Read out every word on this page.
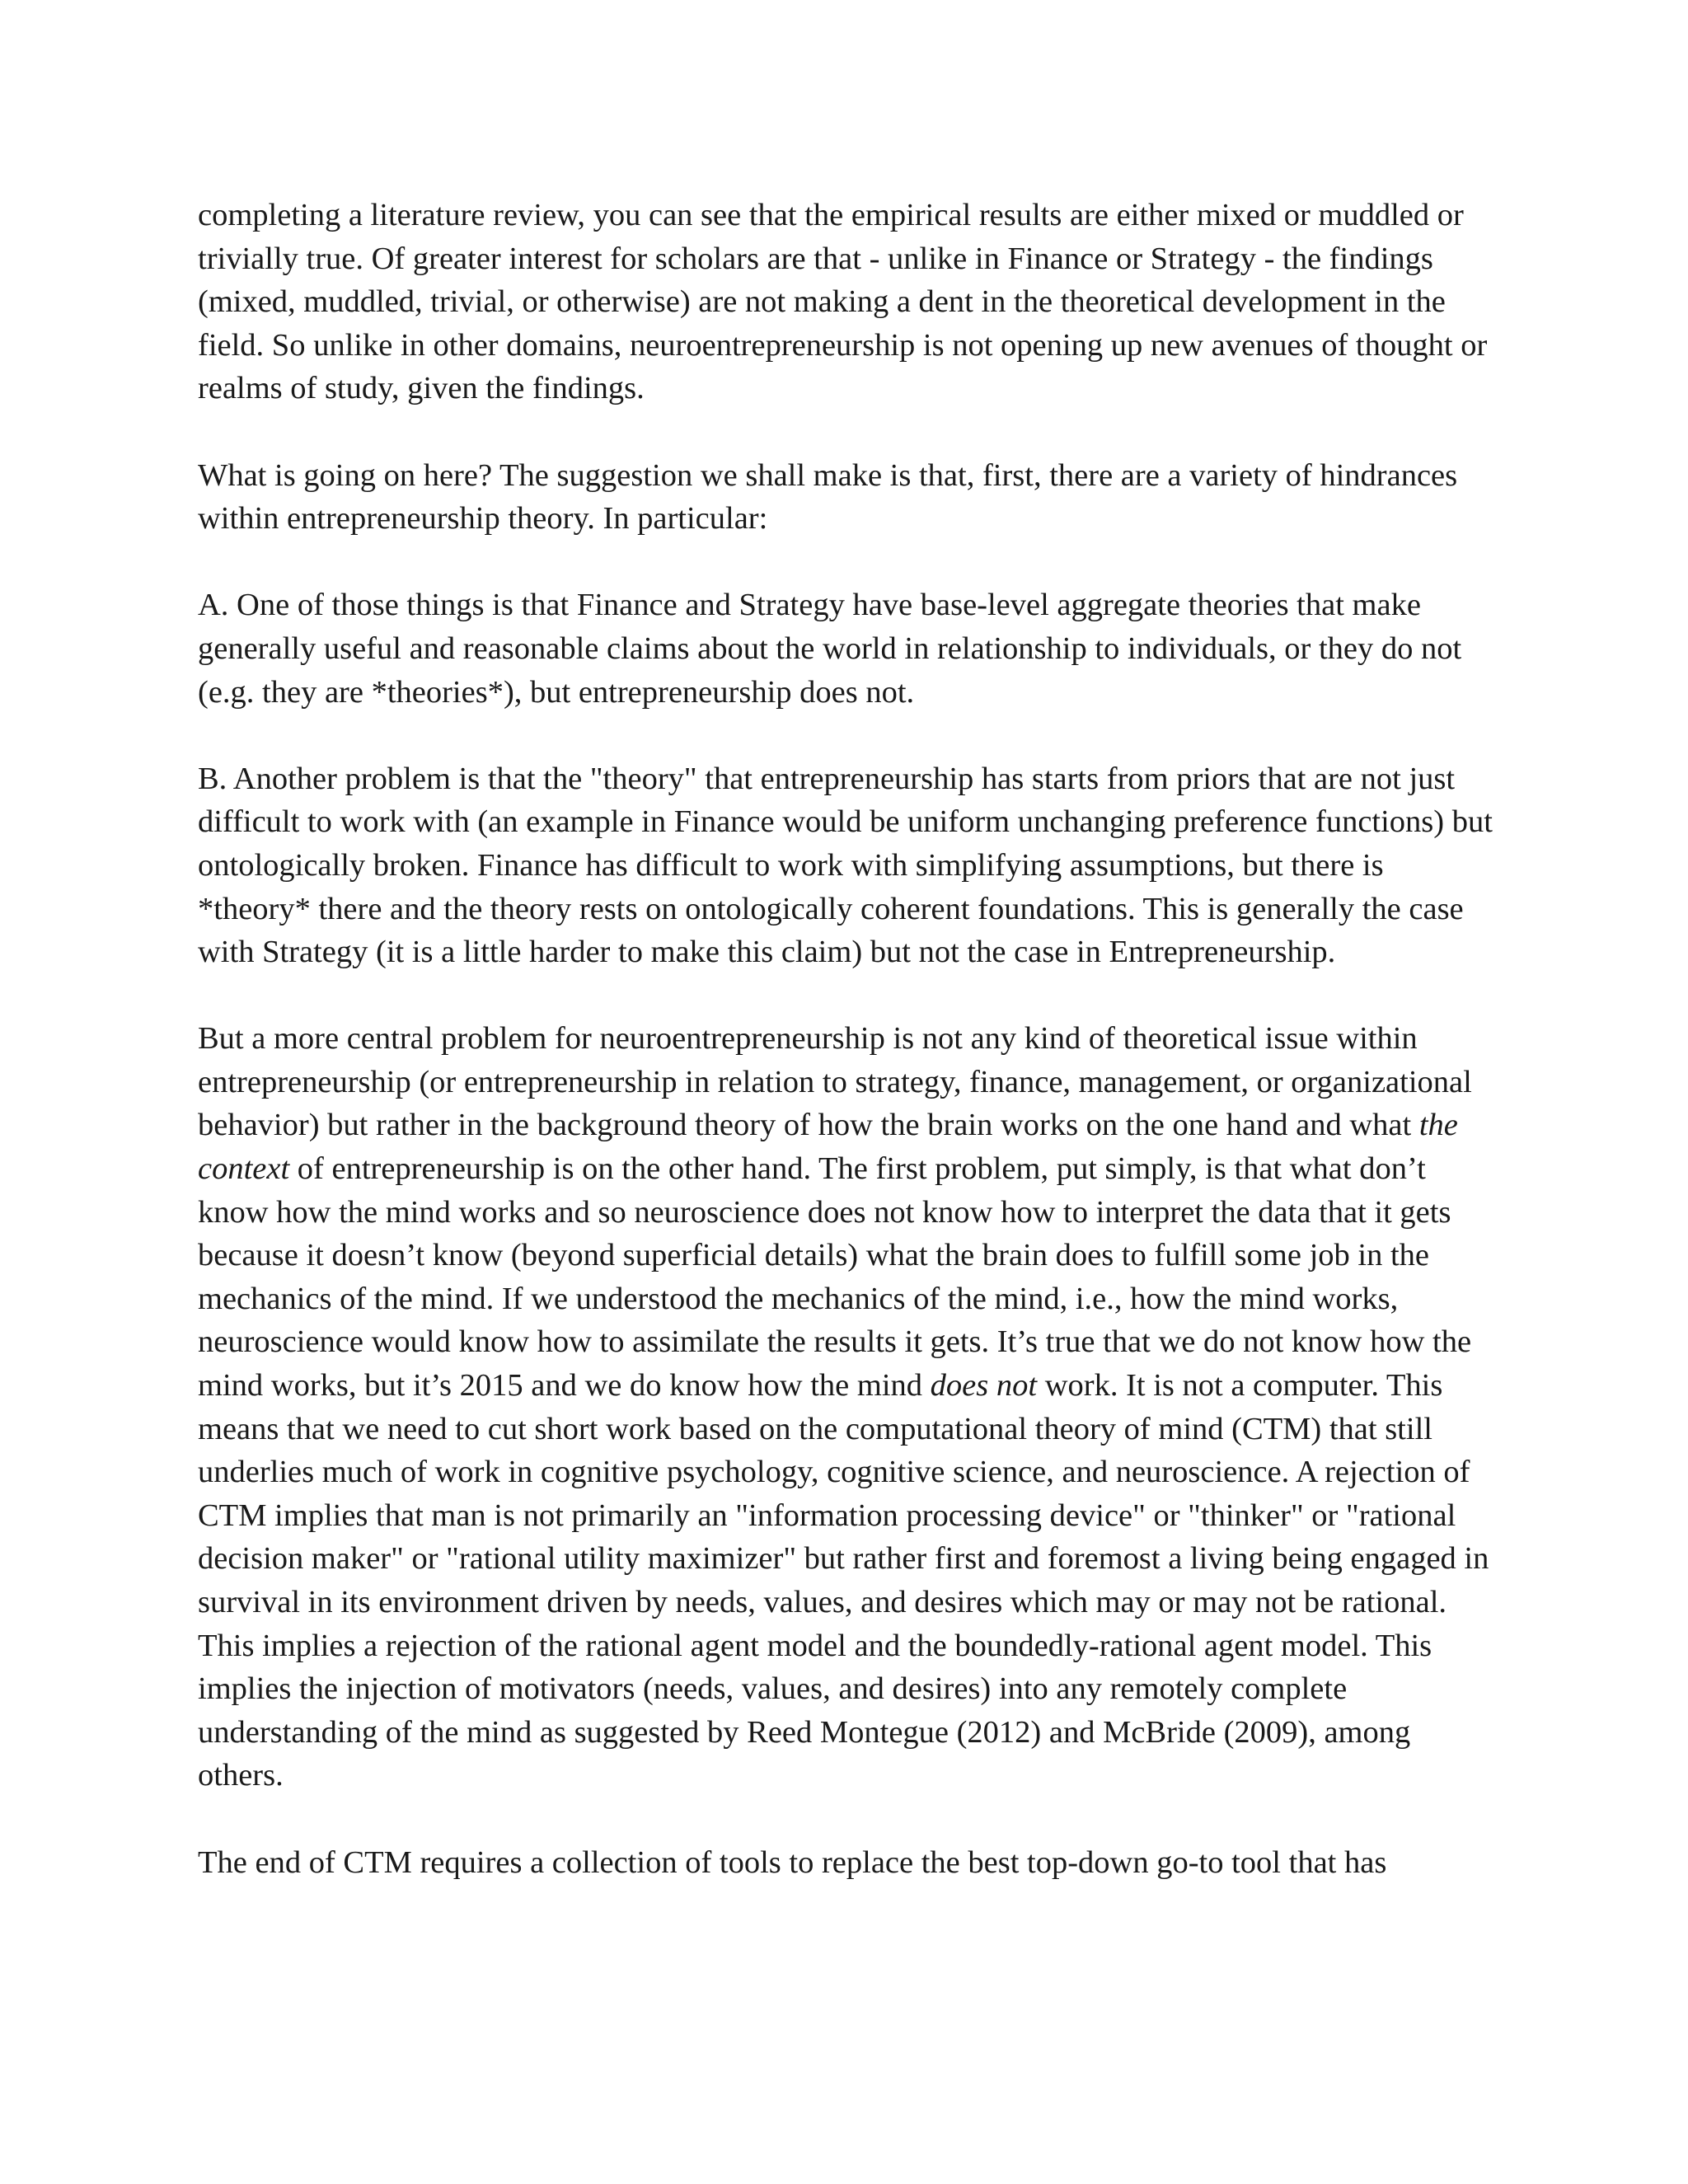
completing a literature review, you can see that the empirical results are either mixed or muddled or trivially true. Of greater interest for scholars are that - unlike in Finance or Strategy - the findings (mixed, muddled, trivial, or otherwise) are not making a dent in the theoretical development in the field. So unlike in other domains, neuroentrepreneurship is not opening up new avenues of thought or realms of study, given the findings.

What is going on here? The suggestion we shall make is that, first, there are a variety of hindrances within entrepreneurship theory. In particular:

A. One of those things is that Finance and Strategy have base-level aggregate theories that make generally useful and reasonable claims about the world in relationship to individuals, or they do not (e.g. they are *theories*), but entrepreneurship does not.

B. Another problem is that the "theory" that entrepreneurship has starts from priors that are not just difficult to work with (an example in Finance would be uniform unchanging preference functions) but ontologically broken. Finance has difficult to work with simplifying assumptions, but there is *theory* there and the theory rests on ontologically coherent foundations. This is generally the case with Strategy (it is a little harder to make this claim) but not the case in Entrepreneurship.

But a more central problem for neuroentrepreneurship is not any kind of theoretical issue within entrepreneurship (or entrepreneurship in relation to strategy, finance, management, or organizational behavior) but rather in the background theory of how the brain works on the one hand and what the context of entrepreneurship is on the other hand. The first problem, put simply, is that what don’t know how the mind works and so neuroscience does not know how to interpret the data that it gets because it doesn’t know (beyond superficial details) what the brain does to fulfill some job in the mechanics of the mind. If we understood the mechanics of the mind, i.e., how the mind works, neuroscience would know how to assimilate the results it gets. It’s true that we do not know how the mind works, but it’s 2015 and we do know how the mind does not work. It is not a computer. This means that we need to cut short work based on the computational theory of mind (CTM) that still underlies much of work in cognitive psychology, cognitive science, and neuroscience. A rejection of CTM implies that man is not primarily an "information processing device" or "thinker" or "rational decision maker" or "rational utility maximizer" but rather first and foremost a living being engaged in survival in its environment driven by needs, values, and desires which may or may not be rational. This implies a rejection of the rational agent model and the boundedly-rational agent model. This implies the injection of motivators (needs, values, and desires) into any remotely complete understanding of the mind as suggested by Reed Montegue (2012) and McBride (2009), among others.

The end of CTM requires a collection of tools to replace the best top-down go-to tool that has
